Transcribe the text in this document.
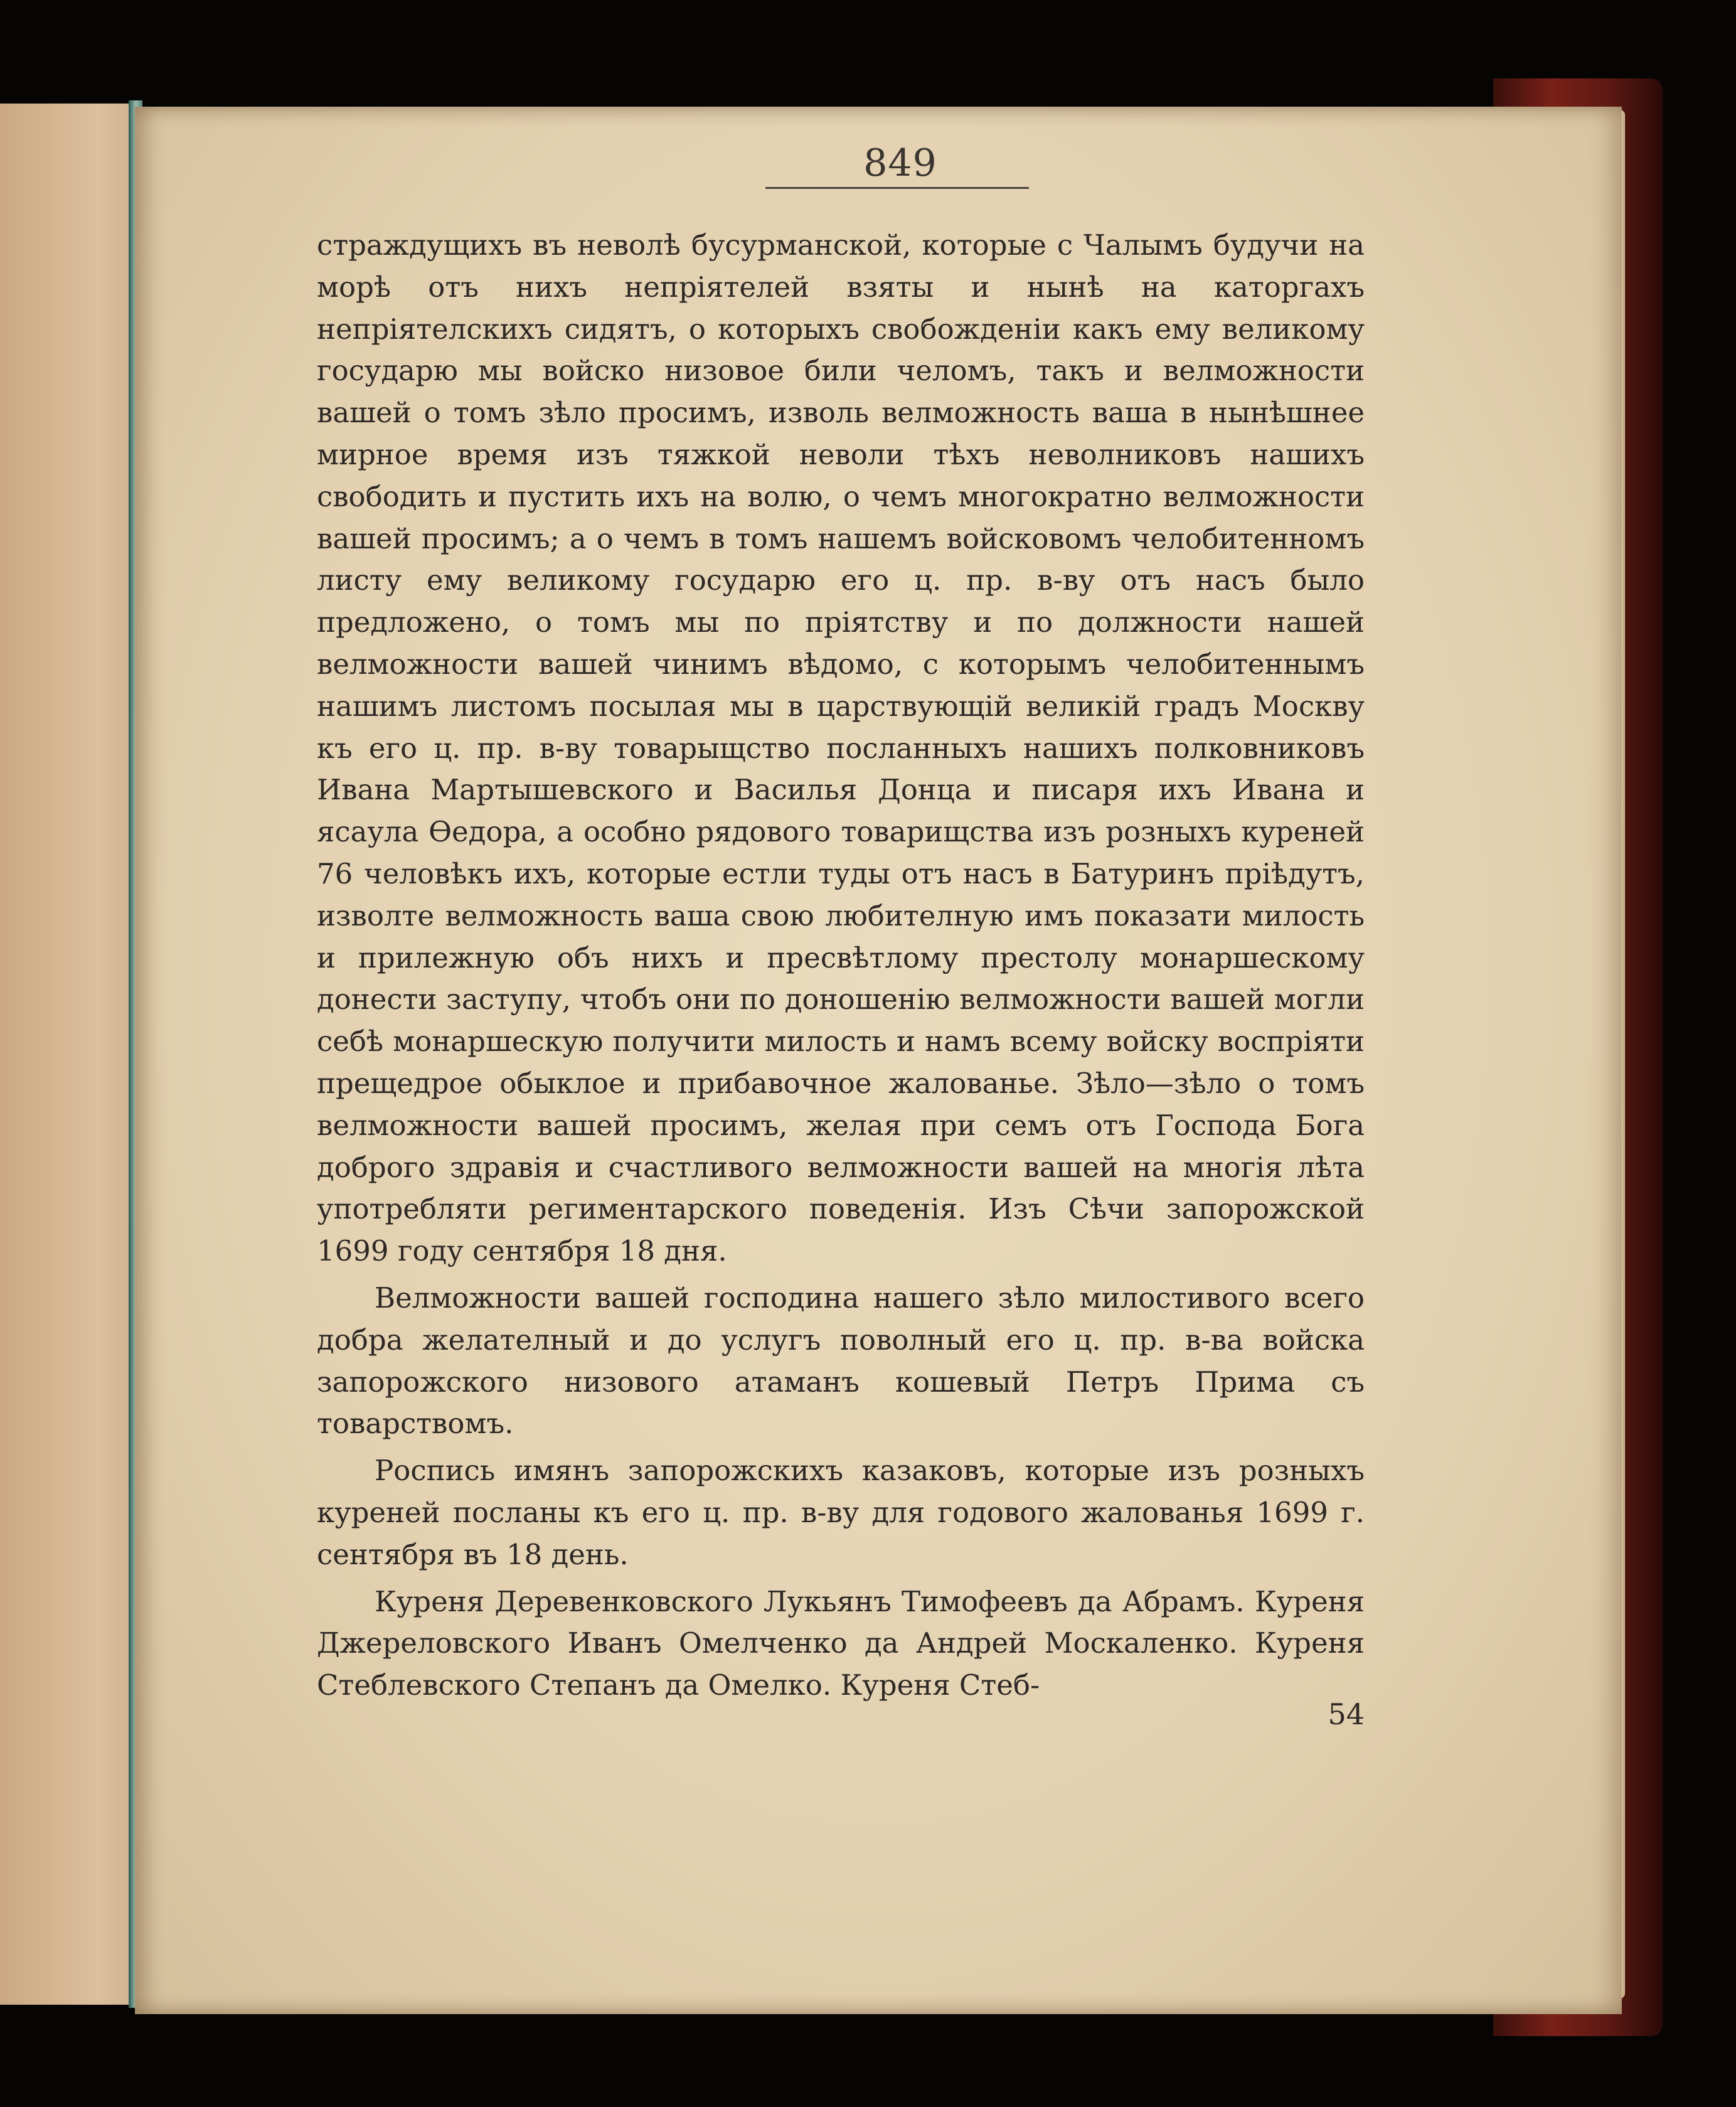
849

страждущихъ въ неволѣ бусурманской, которые с Чалымъ будучи на морѣ отъ нихъ непрiятелей взяты и нынѣ на каторгахъ непрiятелскихъ сидятъ, о которыхъ свобожденiи какъ ему великому государю мы войско низовое били челомъ, такъ и велможности вашей о томъ зѣло просимъ, изволь велможность ваша в нынѣшнее мирное время изъ тяжкой неволи тѣхъ неволниковъ нашихъ свободить и пустить ихъ на волю, о чемъ многократно велможности вашей просимъ; а о чемъ в томъ нашемъ войсковомъ челобитенномъ листу ему великому государю его ц. пр. в-ву отъ насъ было предложено, о томъ мы по прiятству и по должности нашей велможности вашей чинимъ вѣдомо, с которымъ челобитеннымъ нашимъ листомъ посылая мы в царствующiй великiй градъ Москву къ его ц. пр. в-ву товарыщство посланныхъ нашихъ полковниковъ Ивана Мартышевского и Василья Донца и писаря ихъ Ивана и ясаула Ѳедора, а особно рядового товарищства изъ розныхъ куреней 76 человѣкъ ихъ, которые естли туды отъ насъ в Батуринъ прiѣдутъ, изволте велможность ваша свою любителную имъ показати милость и прилежную объ нихъ и пресвѣтлому престолу монаршескому донести заступу, чтобъ они по доношенiю велможности вашей могли себѣ монаршескую получити милость и намъ всему войску воспрiяти прещедрое обыклое и прибавочное жалованье. Зѣло—зѣло о томъ велможности вашей просимъ, желая при семъ отъ Господа Бога доброго здравiя и счастливого велможности вашей на многiя лѣта употребляти региментарского поведенiя. Изъ Сѣчи запорожской 1699 году сентября 18 дня.

Велможности вашей господина нашего зѣло милостивого всего добра желателный и до услугъ поволный его ц. пр. в-ва войска запорожского низового атаманъ кошевый Петръ Прима съ товарствомъ.

Роспись имянъ запорожскихъ казаковъ, которые изъ розныхъ куреней посланы къ его ц. пр. в-ву для годового жалованья 1699 г. сентября въ 18 день.

Куреня Деревенковского Лукьянъ Тимофеевъ да Абрамъ. Куреня Джереловского Иванъ Омелченко да Андрей Москаленко. Куреня Стеблевского Степанъ да Омелко. Куреня Стеб-

54
